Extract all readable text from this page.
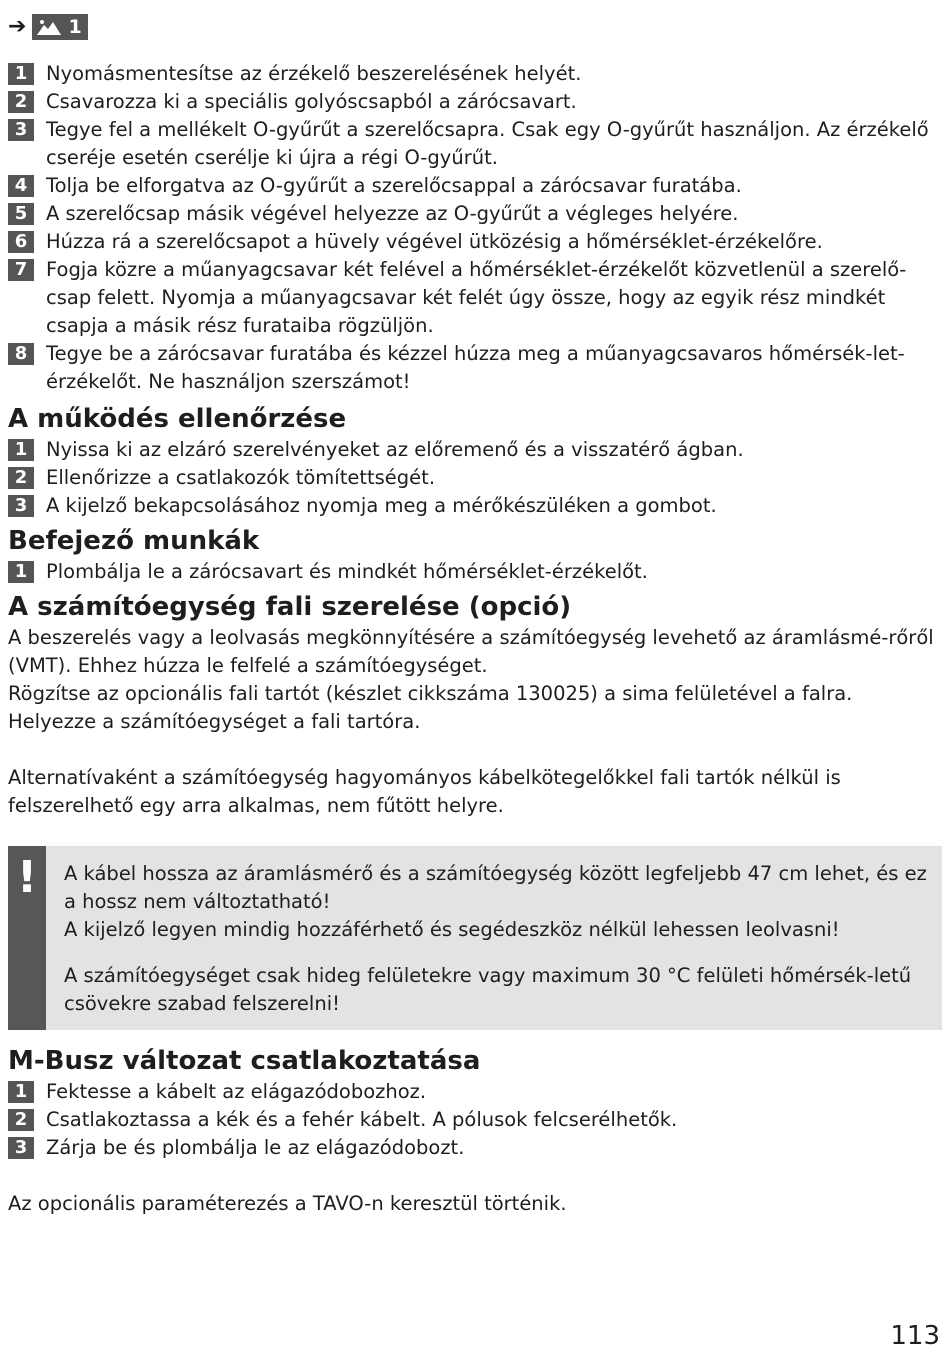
➔ 1
1 Nyomásmentesítse az érzékelő beszerelésének helyét.
2 Csavarozza ki a speciális golyóscsapból a zárócsavart.
3 Tegye fel a mellékelt O-gyűrűt a szerelőcsapra. Csak egy O-gyűrűt használjon. Az érzékelő cseréje esetén cserélje ki újra a régi O-gyűrűt.
4 Tolja be elforgatva az O-gyűrűt a szerelőcsappal a zárócsavar furatába.
5 A szerelőcsap másik végével helyezze az O-gyűrűt a végleges helyére.
6 Húzza rá a szerelőcsapot a hüvely végével ütközésig a hőmérséklet-érzékelőre.
7 Fogja közre a műanyagcsavar két felével a hőmérséklet-érzékelőt közvetlenül a szerelő-csap felett. Nyomja a műanyagcsavar két felét úgy össze, hogy az egyik rész mindkét csapja a másik rész furataiba rögzüljön.
8 Tegye be a zárócsavar furatába és kézzel húzza meg a műanyagcsavaros hőmérsék-let-érzékelőt. Ne használjon szerszámot!
A működés ellenőrzése
1 Nyissa ki az elzáró szerelvényeket az előremenő és a visszatérő ágban.
2 Ellenőrizze a csatlakozók tömítettségét.
3 A kijelző bekapcsolásához nyomja meg a mérőkészüléken a gombot.
Befejező munkák
1 Plombálja le a zárócsavart és mindkét hőmérséklet-érzékelőt.
A számítóegység fali szerelése (opció)

A beszerelés vagy a leolvasás megkönnyítésére a számítóegység levehető az áramlásmé-rőről (VMT). Ehhez húzza le felfelé a számítóegységet.

Rögzítse az opcionális fali tartót (készlet cikkszáma 130025) a sima felületével a falra. Helyezze a számítóegységet a fali tartóra.

Alternatívaként a számítóegység hagyományos kábelkötegelőkkel fali tartók nélkül is felszerelhető egy arra alkalmas, nem fűtött helyre.

!	A kábel hossza az áramlásmérő és a számítóegység között legfeljebb 47 cm lehet, és ez a hossz nem változtatható!

A kijelző legyen mindig hozzáférhető és segédeszköz nélkül lehessen leolvasni!

A számítóegységet csak hideg felületekre vagy maximum 30 °C felületi hőmérsék-letű csövekre szabad felszerelni!

M-Busz változat csatlakoztatása
1 Fektesse a kábelt az elágazódobozhoz.
2 Csatlakoztassa a kék és a fehér kábelt. A pólusok felcserélhetők.
3 Zárja be és plombálja le az elágazódobozt.

Az opcionális paraméterezés a TAVO-n keresztül történik.

113
